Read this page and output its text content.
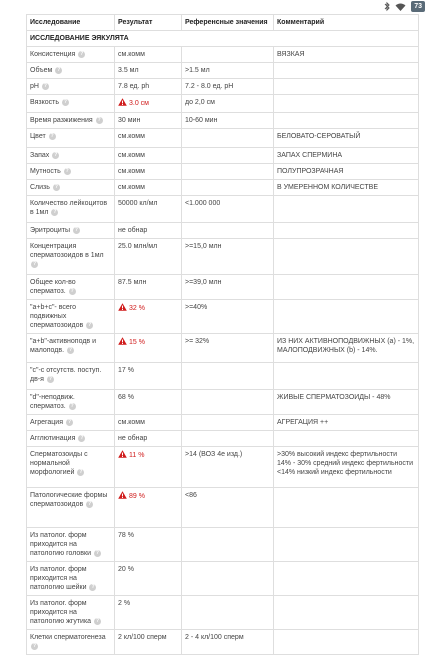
73
Исследование	Результат	Референсные значения	Комментарий
ИССЛЕДОВАНИЕ ЭЯКУЛЯТА			
Консистенция ?	см.комм		ВЯЗКАЯ
Объем ?	3.5 мл	>1.5 мл	
pH ?	7.8 ед. ph	7.2 - 8.0 ед. pH	
Вязкость ?	3.0 см	до 2,0 см	
Время разжижения ?	30 мин	10-60 мин	
Цвет ?	см.комм		БЕЛОВАТО-СЕРОВАТЫЙ
Запах ?	см.комм		ЗАПАХ СПЕРМИНА
Мутность ?	см.комм		ПОЛУПРОЗРАЧНАЯ
Слизь ?	см.комм		В УМЕРЕННОМ КОЛИЧЕСТВЕ
Количество лейкоцитов в 1мл ?	50000 кл/мл	<1.000 000	
Эритроциты ?	не обнар		
Концентрация сперматозоидов в 1мл ?	25.0 млн/мл	>=15,0 млн	
Общее кол-во сперматоз. ?	87.5 млн	>=39,0 млн	
"a+b+c"- всего подвижных сперматозоидов ?	32 %	>=40%	
"a+b"-активноподв и малоподв. ?	15 %	>= 32%	ИЗ НИХ АКТИВНОПОДВИЖНЫХ (а) - 1%, МАЛОПОДВИЖНЫХ (b) - 14%.
"c"-с отсутств. поступ. дв-я ?	17 %		
"d"-неподвиж. сперматоз. ?	68 %		ЖИВЫЕ СПЕРМАТОЗОИДЫ - 48%
Агрегация ?	см.комм		АГРЕГАЦИЯ ++
Агглютинация ?	не обнар		
Сперматозоиды с нормальной морфологией ?	11 %	>14 (ВОЗ 4е изд.)	>30% высокий индекс фертильности
14% - 30% средний индекс фертильности
<14% низкий индекс фертильности
Патологические формы сперматозоидов ?	89 %	<86	
Из патолог. форм приходится на патологию головки ?	78 %		
Из патолог. форм приходится на патологию шейки ?	20 %		
Из патолог. форм приходится на патологию жгутика ?	2 %		
Клетки сперматогенеза ?	2 кл/100 сперм	2 - 4 кл/100 сперм	
